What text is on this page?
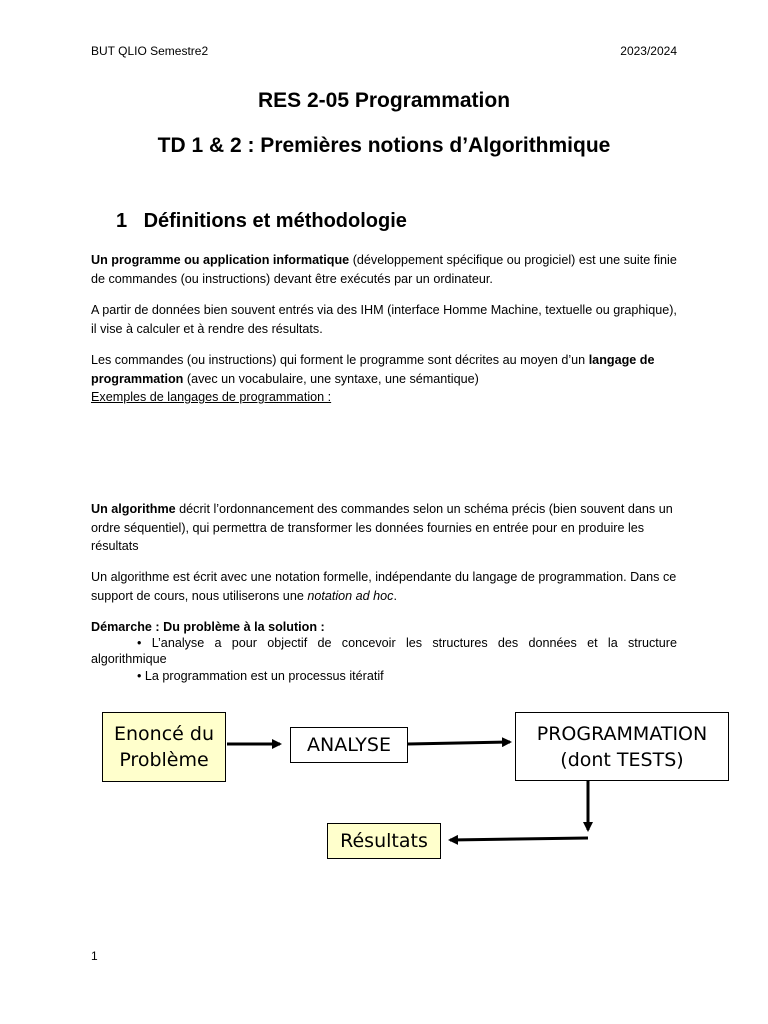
BUT QLIO Semestre2	2023/2024
RES 2-05 Programmation
TD 1 & 2 : Premières notions d’Algorithmique
1 Définitions et méthodologie
Un programme ou application informatique (développement spécifique ou progiciel) est une suite finie de commandes (ou instructions) devant être exécutés par un ordinateur.
A partir de données bien souvent entrés via des IHM (interface Homme Machine, textuelle ou graphique), il vise à calculer et à rendre des résultats.
Les commandes (ou instructions) qui forment le programme sont décrites au moyen d’un langage de programmation (avec un vocabulaire, une syntaxe, une sémantique)
Exemples de langages de programmation :
Un algorithme décrit l’ordonnancement des commandes selon un schéma précis (bien souvent dans un ordre séquentiel), qui permettra de transformer les données fournies en entrée pour en produire les résultats
Un algorithme est écrit avec une notation formelle, indépendante du langage de programmation. Dans ce support de cours, nous utiliserons une notation ad hoc.
Démarche : Du problème à la solution :
• L’analyse a pour objectif de concevoir les structures des données et la structure
algorithmique
• La programmation est un processus itératif
Enoncé du
Problème
ANALYSE
PROGRAMMATION
(dont TESTS)
Résultats
1
